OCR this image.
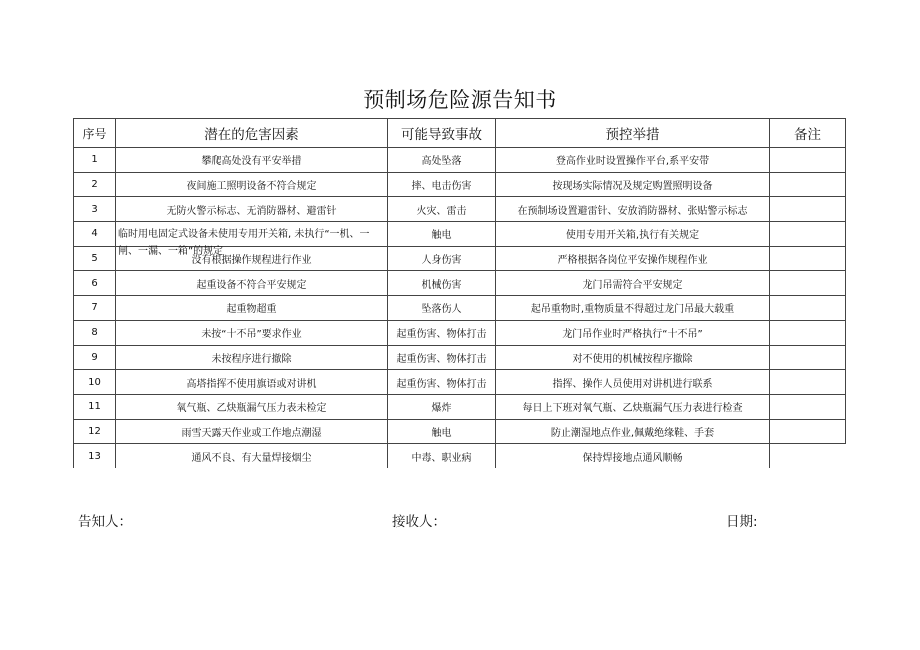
预制场危险源告知书
序号	潜在的危害因素	可能导致事故	预控举措	备注
1	攀爬高处没有平安举措	高处坠落	登高作业时设置操作平台,系平安带	
2	夜间施工照明设备不符合规定	摔、电击伤害	按现场实际情况及规定购置照明设备	
3	无防火警示标志、无消防器材、避雷针	火灾、雷击	在预制场设置避雷针、安放消防器材、张贴警示标志	
4	临时用电固定式设备未使用专用开关箱, 未执行“一机、一闸、一漏、一箱”的规定	触电	使用专用开关箱,执行有关规定	
5	没有根据操作规程进行作业	人身伤害	严格根据各岗位平安操作规程作业	
6	起重设备不符合平安规定	机械伤害	龙门吊需符合平安规定	
7	起重物超重	坠落伤人	起吊重物时,重物质量不得超过龙门吊最大载重	
8	未按“十不吊”要求作业	起重伤害、物体打击	龙门吊作业时严格执行“十不吊”	
9	未按程序进行撤除	起重伤害、物体打击	对不使用的机械按程序撤除	
10	高塔指挥不使用旗语或对讲机	起重伤害、物体打击	指挥、操作人员使用对讲机进行联系	
11	氧气瓶、乙炔瓶漏气压力表未检定	爆炸	每日上下班对氧气瓶、乙炔瓶漏气压力表进行检查	
12	雨雪天露天作业或工作地点潮湿	触电	防止潮湿地点作业,佩戴绝缘鞋、手套	
13	通风不良、有大量焊接烟尘	中毒、职业病	保持焊接地点通风顺畅	
告知人：	接收人：	日期:
